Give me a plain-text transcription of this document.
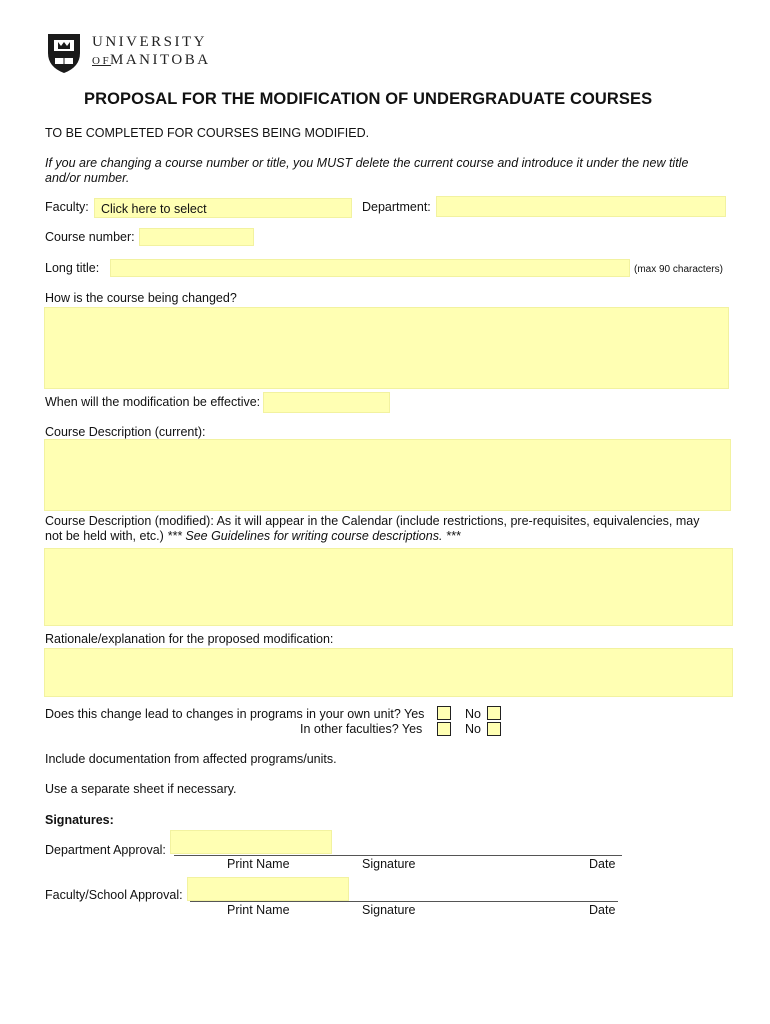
UNIVERSITY
OF
MANITOBA
PROPOSAL FOR THE MODIFICATION OF UNDERGRADUATE COURSES
TO BE COMPLETED FOR COURSES BEING MODIFIED.
If you are changing a course number or title, you MUST delete the current course and introduce it under the new title
and/or number.
Faculty: Click here to select	Department:
Course number:
Long title:	(max 90 characters)
How is the course being changed?
When will the modification be effective:
Course Description (current):
Course Description (modified): As it will appear in the Calendar (include restrictions, pre-requisites, equivalencies, may
not be held with, etc.) *** See Guidelines for writing course descriptions. ***
Rationale/explanation for the proposed modification:
Does this change lead to changes in programs in your own unit? Yes	No
In other faculties? Yes	No
Include documentation from affected programs/units.
Use a separate sheet if necessary.
Signatures:
Department Approval:
Print Name	Signature	Date
Faculty/School Approval:
Print Name	Signature	Date
